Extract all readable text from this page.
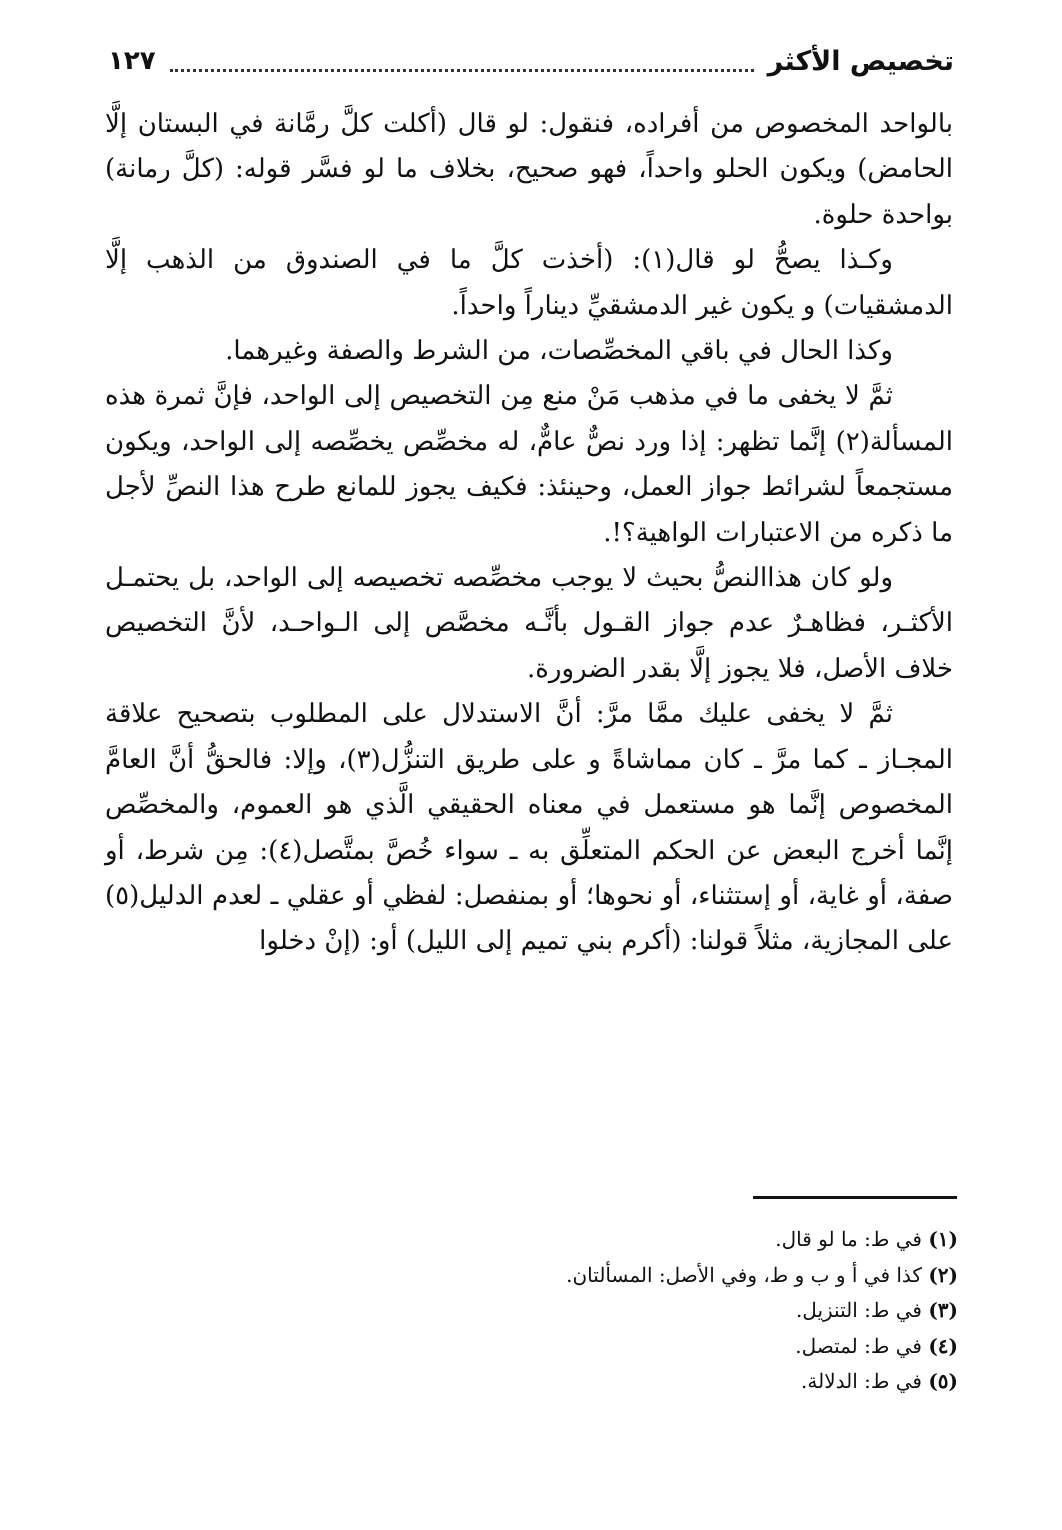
تخصيص الأكثر
١٢٧

بالواحد المخصوص من أفراده، فنقول: لو قال (أكلت كلَّ رمَّانة في البستان إلَّا الحامض) ويكون الحلو واحداً، فهو صحيح، بخلاف ما لو فسَّر قوله: (كلَّ رمانة) بواحدة حلوة.

وكـذا يصحُّ لو قال(١): (أخذت كلَّ ما في الصندوق من الذهب إلَّا الدمشقيات) و يكون غير الدمشقيِّ ديناراً واحداً.

وكذا الحال في باقي المخصِّصات، من الشرط والصفة وغيرهما.

ثمَّ لا يخفى ما في مذهب مَنْ منع مِن التخصيص إلى الواحد، فإنَّ ثمرة هذه المسألة(٢) إنَّما تظهر: إذا ورد نصٌّ عامٌّ، له مخصِّص يخصِّصه إلى الواحد، ويكون مستجمعاً لشرائط جواز العمل، وحينئذ: فكيف يجوز للمانع طرح هذا النصِّ لأجل ما ذكره من الاعتبارات الواهية؟!.

ولو كان هذاالنصُّ بحيث لا يوجب مخصِّصه تخصيصه إلى الواحد، بل يحتمـل الأكثـر، فظاهـرٌ عدم جواز القـول بأنَّـه مخصَّص إلى الـواحـد، لأنَّ التخصيص خلاف الأصل، فلا يجوز إلَّا بقدر الضرورة.

ثمَّ لا يخفى عليك ممَّا مرَّ: أنَّ الاستدلال على المطلوب بتصحيح علاقة المجـاز ـ كما مرَّ ـ كان مماشاةً و على طريق التنزُّل(٣)، وإلا: فالحقُّ أنَّ العامَّ المخصوص إنَّما هو مستعمل في معناه الحقيقي الَّذي هو العموم، والمخصِّص إنَّما أخرج البعض عن الحكم المتعلِّق به ـ سواء خُصَّ بمتَّصل(٤): مِن شرط، أو صفة، أو غاية، أو إستثناء، أو نحوها؛ أو بمنفصل: لفظي أو عقلي ـ لعدم الدليل(٥) على المجازية، مثلاً قولنا: (أكرم بني تميم إلى الليل) أو: (إنْ دخلوا

(١) في ط: ما لو قال.
(٢) كذا في أ و ب و ط، وفي الأصل: المسألتان.
(٣) في ط: التنزيل.
(٤) في ط: لمتصل.
(٥) في ط: الدلالة.
